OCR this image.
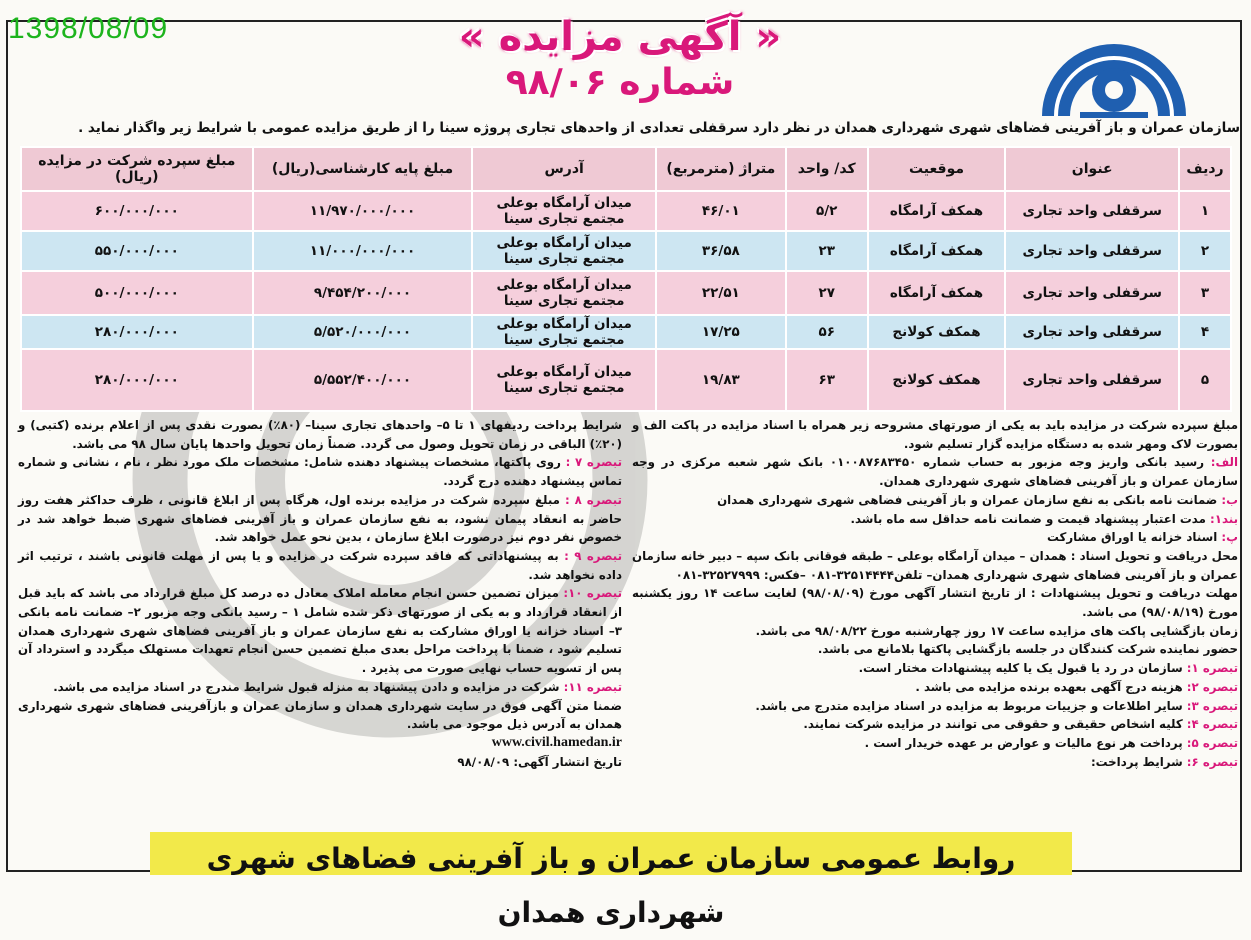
1398/08/09	« آگهی مزایده »
شماره ۹۸/۰۶
سازمان عمران و باز آفرینی فضاهای شهری شهرداری همدان در نظر دارد سرقفلی تعدادی از واحدهای تجاری پروژه سینا را از طریق مزایده عمومی با شرایط زیر واگذار نماید .
ردیف	عنوان	موقعیت	کد/ واحد	متراژ (مترمربع)	آدرس	مبلغ پایه کارشناسی(ریال)	مبلغ سپرده شرکت در مزایده (ریال)
۱	سرقفلی واحد تجاری	همکف آرامگاه	۵/۲	۴۶/۰۱	میدان آرامگاه بوعلی مجتمع تجاری سینا	۱۱/۹۷۰/۰۰۰/۰۰۰	۶۰۰/۰۰۰/۰۰۰
۲	سرقفلی واحد تجاری	همکف آرامگاه	۲۳	۳۶/۵۸	میدان آرامگاه بوعلی مجتمع تجاری سینا	۱۱/۰۰۰/۰۰۰/۰۰۰	۵۵۰/۰۰۰/۰۰۰
۳	سرقفلی واحد تجاری	همکف آرامگاه	۲۷	۲۲/۵۱	میدان آرامگاه بوعلی مجتمع تجاری سینا	۹/۴۵۴/۲۰۰/۰۰۰	۵۰۰/۰۰۰/۰۰۰
۴	سرقفلی واحد تجاری	همکف کولانج	۵۶	۱۷/۲۵	میدان آرامگاه بوعلی مجتمع تجاری سینا	۵/۵۲۰/۰۰۰/۰۰۰	۲۸۰/۰۰۰/۰۰۰
۵	سرقفلی واحد تجاری	همکف کولانج	۶۳	۱۹/۸۳	میدان آرامگاه بوعلی مجتمع تجاری سینا	۵/۵۵۲/۴۰۰/۰۰۰	۲۸۰/۰۰۰/۰۰۰

مبلغ سپرده شرکت در مزایده باید به یکی از صورتهای مشروحه زیر همراه با اسناد مزایده در پاکت الف و بصورت لاک ومهر شده به دستگاه مزایده گزار تسلیم شود.

الف: رسید بانکی واریز وجه مزبور به حساب شماره ۰۱۰۰۸۷۶۸۳۴۵۰ بانک شهر شعبه مرکزی در وجه سازمان عمران و باز آفرینی فضاهای شهری شهرداری همدان.

ب: ضمانت نامه بانکی به نفع سازمان عمران و باز آفرینی فضاهی شهری شهرداری همدان

بند۱: مدت اعتبار پیشنهاد قیمت و ضمانت نامه حداقل سه ماه باشد.

پ: اسناد خزانه یا اوراق مشارکت

محل دریافت و تحویل اسناد : همدان – میدان آرامگاه بوعلی – طبقه فوقانی بانک سپه – دبیر خانه سازمان عمران و باز آفرینی فضاهای شهری شهرداری همدان– تلفن۳۲۵۱۴۴۴۴-۰۸۱ –فکس: ۳۲۵۲۷۹۹۹-۰۸۱

مهلت دریافت و تحویل پیشنهادات : از تاریخ انتشار آگهی مورخ (۹۸/۰۸/۰۹) لغایت ساعت ۱۴ روز یکشنبه مورخ (۹۸/۰۸/۱۹) می باشد.

زمان بازگشایی پاکت های مزایده ساعت ۱۷ روز چهارشنبه مورخ ۹۸/۰۸/۲۲ می باشد.

حضور نماینده شرکت کنندگان در جلسه بازگشایی پاکتها بلامانع می باشد.

تبصره ۱: سازمان در رد یا قبول یک یا کلیه پیشنهادات مختار است.

تبصره ۲: هزینه درج آگهی بعهده برنده مزایده می باشد .

تبصره ۳: سایر اطلاعات و جزییات مربوط به مزایده در اسناد مزایده متدرج می باشد.

تبصره ۴: کلیه اشخاص حقیقی و حقوقی می توانند در مزایده شرکت نمایند.

تبصره ۵: پرداخت هر نوع مالیات و عوارض بر عهده خریدار است .

تبصره ۶: شرایط پرداخت:

شرایط پرداخت ردیفهای ۱ تا ۵– واحدهای تجاری سینا– (۸۰٪) بصورت نقدی پس از اعلام برنده (کتبی) و (۲۰٪) الباقی در زمان تحویل وصول می گردد. ضمناً زمان تحویل واحدها پایان سال ۹۸ می باشد.

تبصره ۷ : روی پاکتها، مشخصات پیشنهاد دهنده شامل: مشخصات ملک مورد نظر ، نام ، نشانی و شماره تماس پیشنهاد دهنده درج گردد.

تبصره ۸ : مبلغ سپرده شرکت در مزایده برنده اول، هرگاه پس از ابلاغ قانونی ، ظرف حداکثر هفت روز حاضر به انعقاد پیمان نشود، به نفع سازمان عمران و باز آفرینی فضاهای شهری ضبط خواهد شد در خصوص نفر دوم نیز درصورت ابلاغ سازمان ، بدین نحو عمل خواهد شد.

تبصره ۹ : به پیشنهاداتی که فاقد سپرده شرکت در مزایده و یا پس از مهلت قانونی باشند ، ترتیب اثر داده نخواهد شد.

تبصره ۱۰: میزان تضمین حسن انجام معامله املاک معادل ده درصد کل مبلغ قرارداد می باشد که باید قبل از انعقاد قرارداد و به یکی از صورتهای ذکر شده شامل ۱ – رسید بانکی وجه مزبور ۲– ضمانت نامه بانکی ۳– اسناد خزانه یا اوراق مشارکت به نفع سازمان عمران و باز آفرینی فضاهای شهری شهرداری همدان تسلیم شود ، ضمنا با پرداخت مراحل بعدی مبلغ تضمین حسن انجام تعهدات مستهلک میگردد و استرداد آن پس از تسویه حساب نهایی صورت می پذیرد .

تبصره ۱۱: شرکت در مزایده و دادن پیشنهاد به منزله قبول شرایط مندرج در اسناد مزایده می باشد.

ضمنا متن آگهی فوق در سایت شهرداری همدان و سازمان عمران و بازآفرینی فضاهای شهری شهرداری همدان به آدرس ذیل موجود می باشد.

www.civil.hamedan.ir

تاریخ انتشار آگهی: ۹۸/۰۸/۰۹

روابط عمومی سازمان عمران و باز آفرینی فضاهای شهری شهرداری همدان
